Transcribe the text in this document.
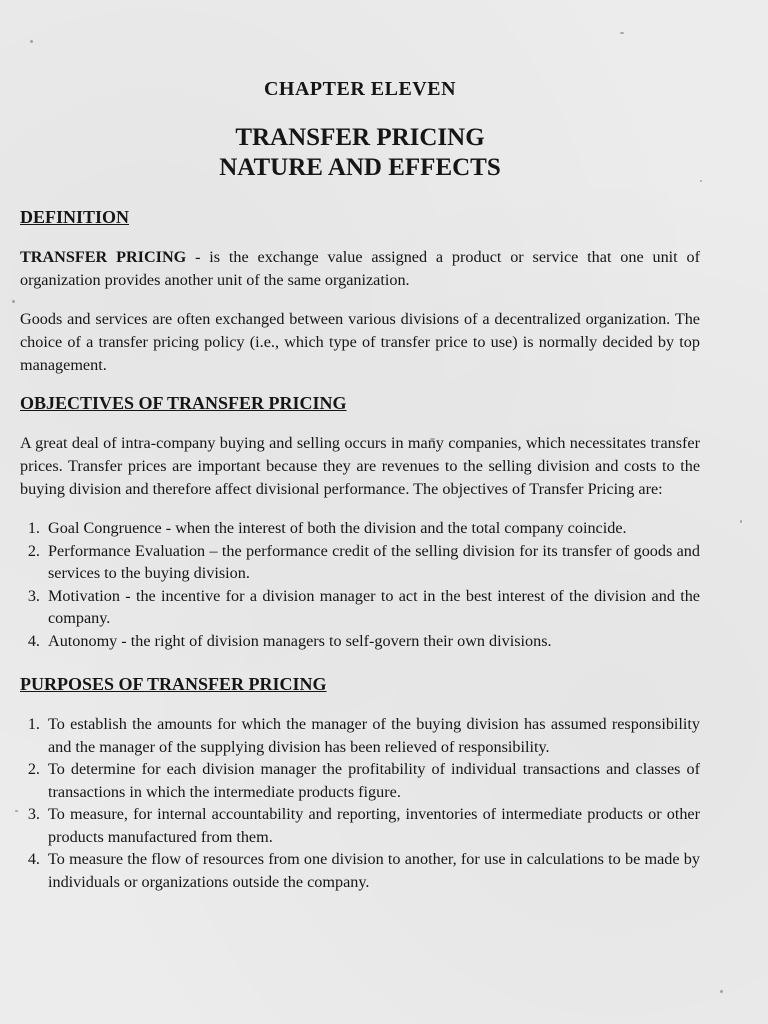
CHAPTER ELEVEN
TRANSFER PRICING
NATURE AND EFFECTS
DEFINITION

TRANSFER PRICING - is the exchange value assigned a product or service that one unit of organization provides another unit of the same organization.

Goods and services are often exchanged between various divisions of a decentralized organization. The choice of a transfer pricing policy (i.e., which type of transfer price to use) is normally decided by top management.

OBJECTIVES OF TRANSFER PRICING

A great deal of intra-company buying and selling occurs in many companies, which necessitates transfer prices. Transfer prices are important because they are revenues to the selling division and costs to the buying division and therefore affect divisional performance. The objectives of Transfer Pricing are:

1. Goal Congruence - when the interest of both the division and the total company coincide.
2. Performance Evaluation – the performance credit of the selling division for its transfer of goods and services to the buying division.
3. Motivation - the incentive for a division manager to act in the best interest of the division and the company.
4. Autonomy - the right of division managers to self-govern their own divisions.
PURPOSES OF TRANSFER PRICING
1. To establish the amounts for which the manager of the buying division has assumed responsibility and the manager of the supplying division has been relieved of responsibility.
2. To determine for each division manager the profitability of individual transactions and classes of transactions in which the intermediate products figure.
3. To measure, for internal accountability and reporting, inventories of intermediate products or other products manufactured from them.
4. To measure the flow of resources from one division to another, for use in calculations to be made by individuals or organizations outside the company.
